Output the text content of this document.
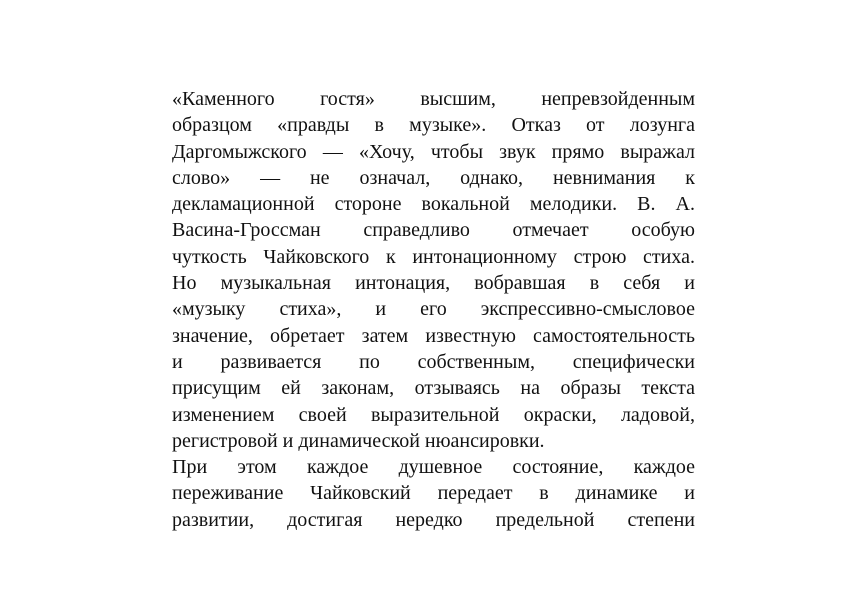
«Каменного гостя» высшим, непревзойденным
образцом «правды в музыке». Отказ от лозунга
Даргомыжского — «Хочу, чтобы звук прямо выражал
слово» — не означал, однако, невнимания к
декламационной стороне вокальной мелодики. В. А.
Васина-Гроссман справедливо отмечает особую
чуткость Чайковского к интонационному строю стиха.
Но музыкальная интонация, вобравшая в себя и
«музыку стиха», и его экспрессивно-смысловое
значение, обретает затем известную самостоятельность
и развивается по собственным, специфически
присущим ей законам, отзываясь на образы текста
изменением своей выразительной окраски, ладовой,
регистровой и динамической нюансировки.
При этом каждое душевное состояние, каждое
переживание Чайковский передает в динамике и
развитии, достигая нередко предельной степени
